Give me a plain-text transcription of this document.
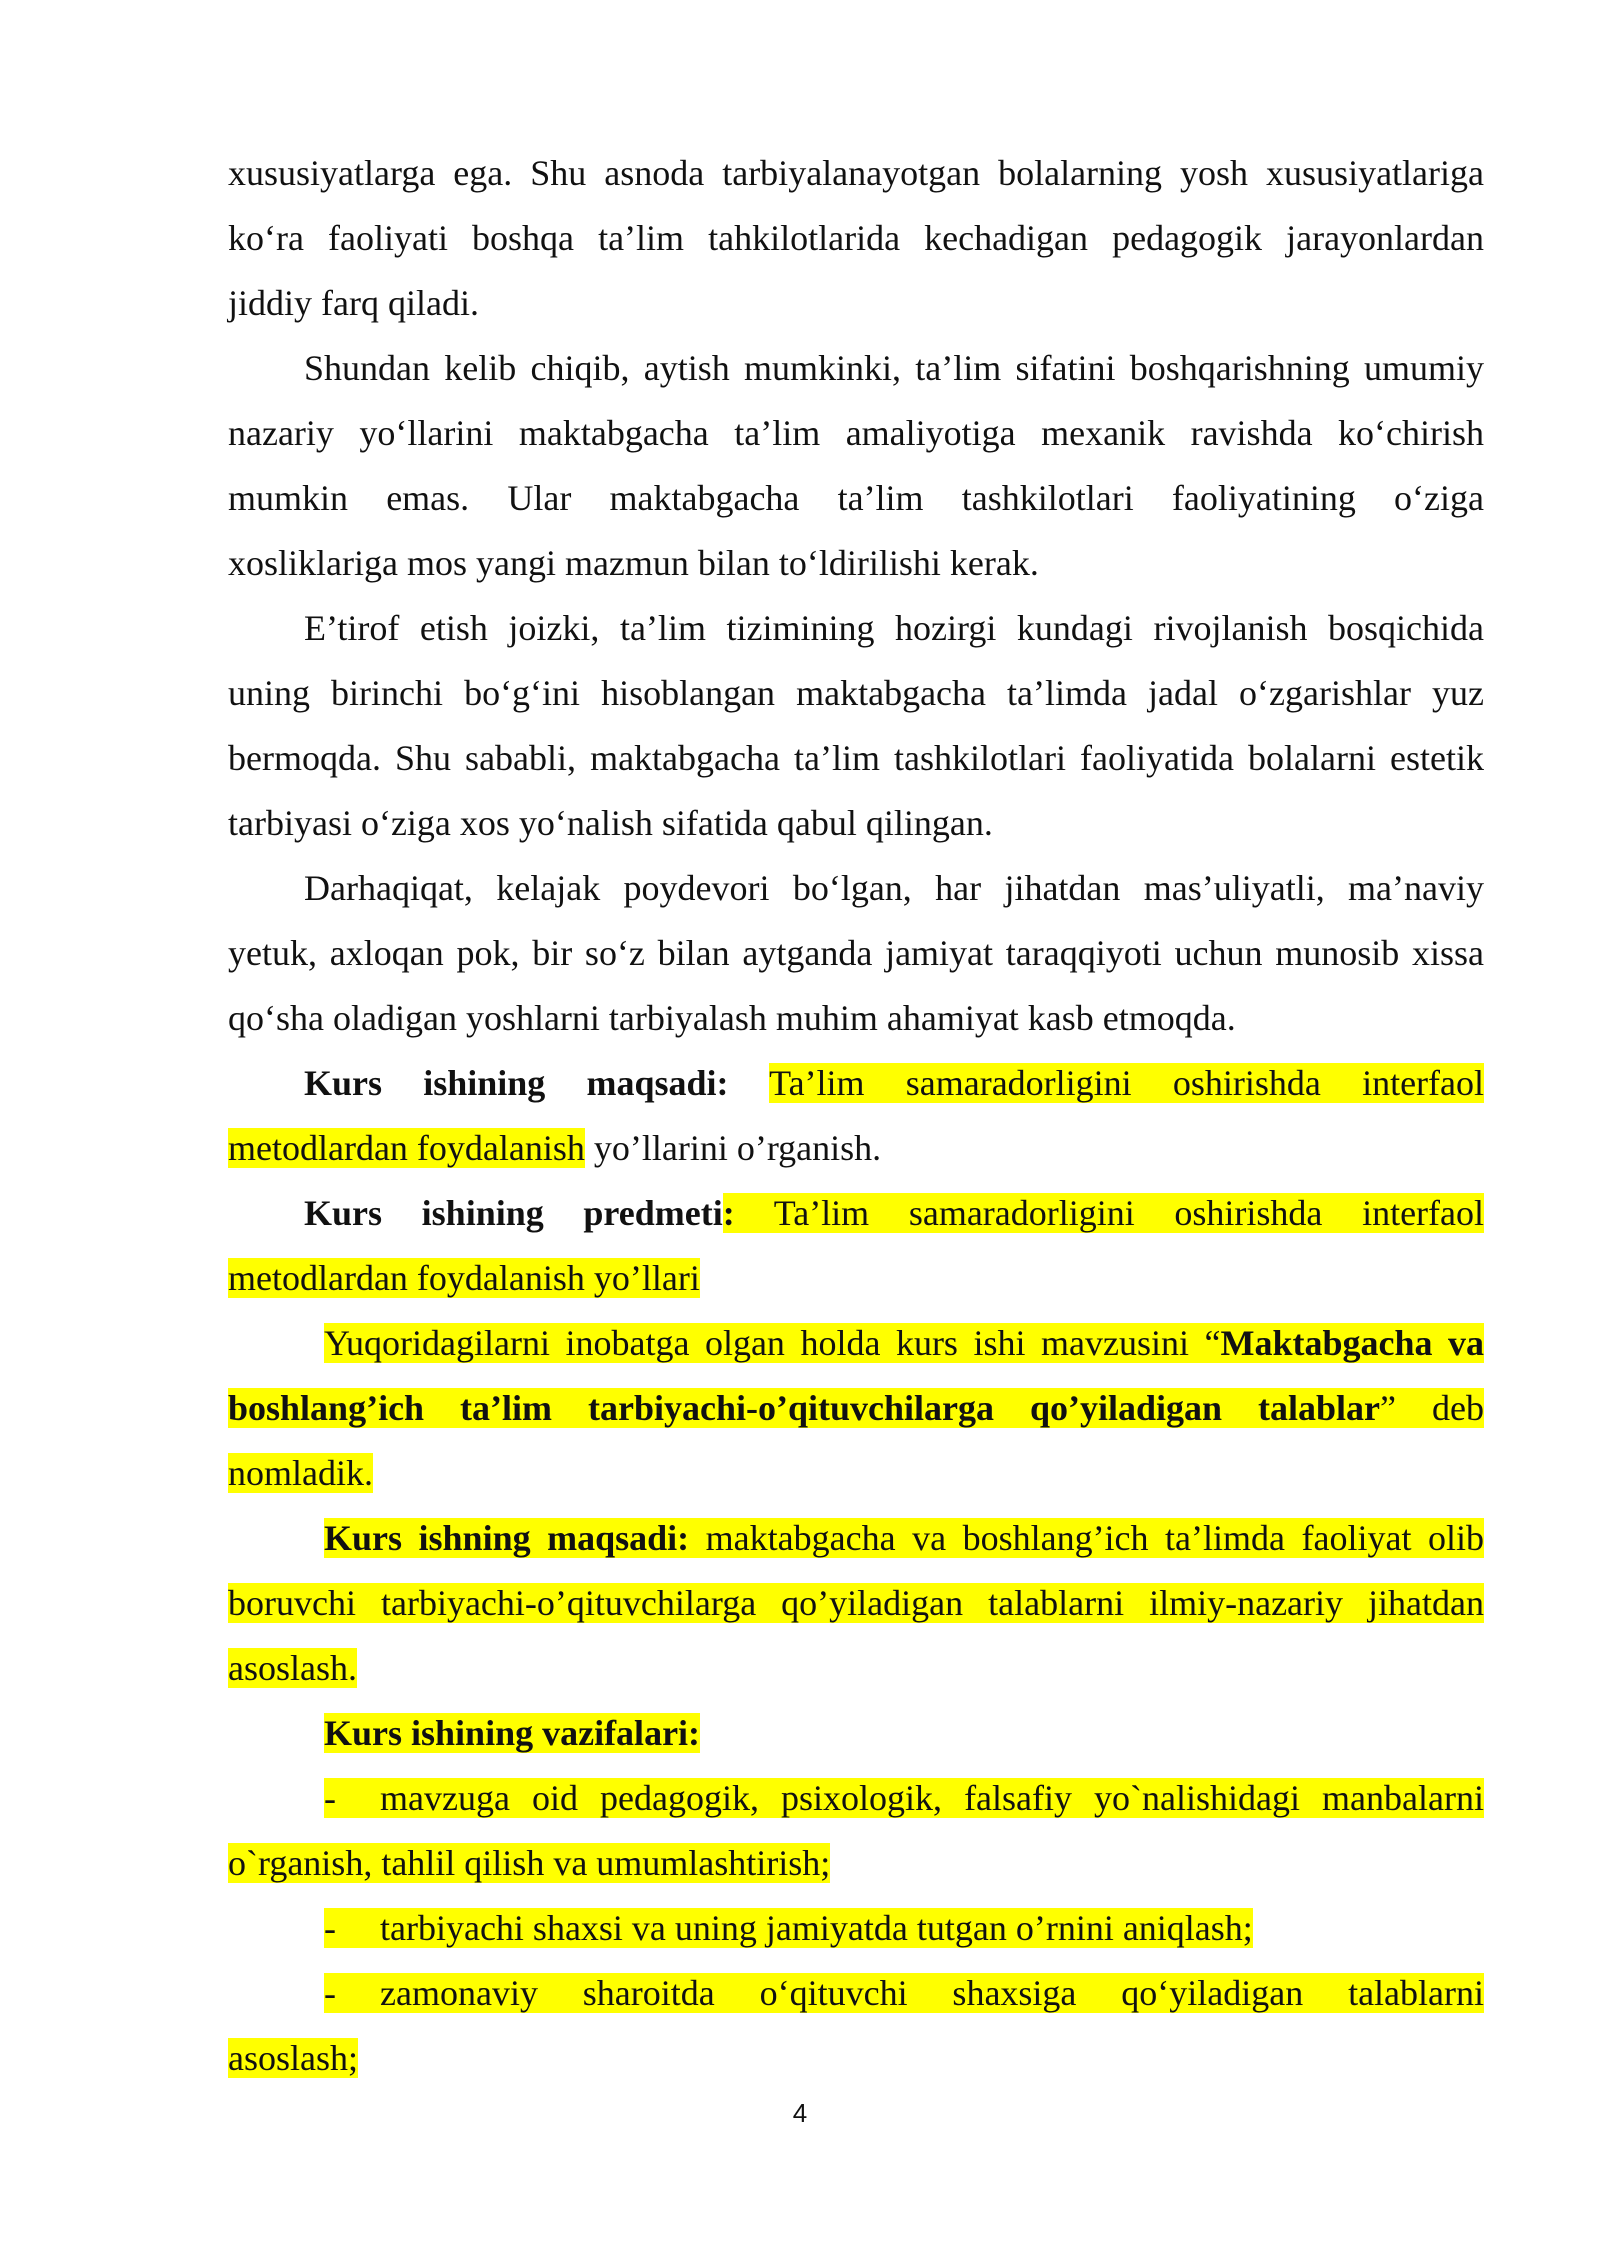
xususiyatlarga ega. Shu asnoda tarbiyalanayotgan bolalarning yosh xususiyatlariga

ko‘ra faoliyati boshqa ta’lim tahkilotlarida kechadigan pedagogik jarayonlardan

jiddiy farq qiladi.

Shundan kelib chiqib, aytish mumkinki, ta’lim sifatini boshqarishning umumiy

nazariy yo‘llarini maktabgacha ta’lim amaliyotiga mexanik ravishda ko‘chirish

mumkin emas. Ular maktabgacha ta’lim tashkilotlari faoliyatining o‘ziga

xosliklariga mos yangi mazmun bilan to‘ldirilishi kerak.

E’tirof etish joizki, ta’lim tizimining hozirgi kundagi rivojlanish bosqichida

uning birinchi bo‘g‘ini hisoblangan maktabgacha ta’limda jadal o‘zgarishlar yuz

bermoqda. Shu sababli, maktabgacha ta’lim tashkilotlari faoliyatida bolalarni estetik

tarbiyasi o‘ziga xos yo‘nalish sifatida qabul qilingan.

Darhaqiqat, kelajak poydevori bo‘lgan, har jihatdan mas’uliyatli, ma’naviy

yetuk, axloqan pok, bir so‘z bilan aytganda jamiyat taraqqiyoti uchun munosib xissa

qo‘sha oladigan yoshlarni tarbiyalash muhim ahamiyat kasb etmoqda.

Kurs ishining maqsadi: Ta’lim samaradorligini oshirishda interfaol

metodlardan foydalanish yo’llarini o’rganish.

Kurs ishining predmeti: Ta’lim samaradorligini oshirishda interfaol

metodlardan foydalanish yo’llari

Yuqoridagilarni inobatga olgan holda kurs ishi mavzusini “Maktabgacha va

boshlang’ich ta’lim tarbiyachi-o’qituvchilarga qo’yiladigan talablar” deb

nomladik.

Kurs ishning maqsadi: maktabgacha va boshlang’ich ta’limda faoliyat olib

boruvchi tarbiyachi-o’qituvchilarga qo’yiladigan talablarni ilmiy-nazariy jihatdan

asoslash.

Kurs ishining vazifalari:

- mavzuga oid pedagogik, psixologik, falsafiy yo`nalishidagi manbalarni

o`rganish, tahlil qilish va umumlashtirish;

- tarbiyachi shaxsi va uning jamiyatda tutgan o’rnini aniqlash;

- zamonaviy sharoitda o‘qituvchi shaxsiga qo‘yiladigan talablarni

asoslash;

4
